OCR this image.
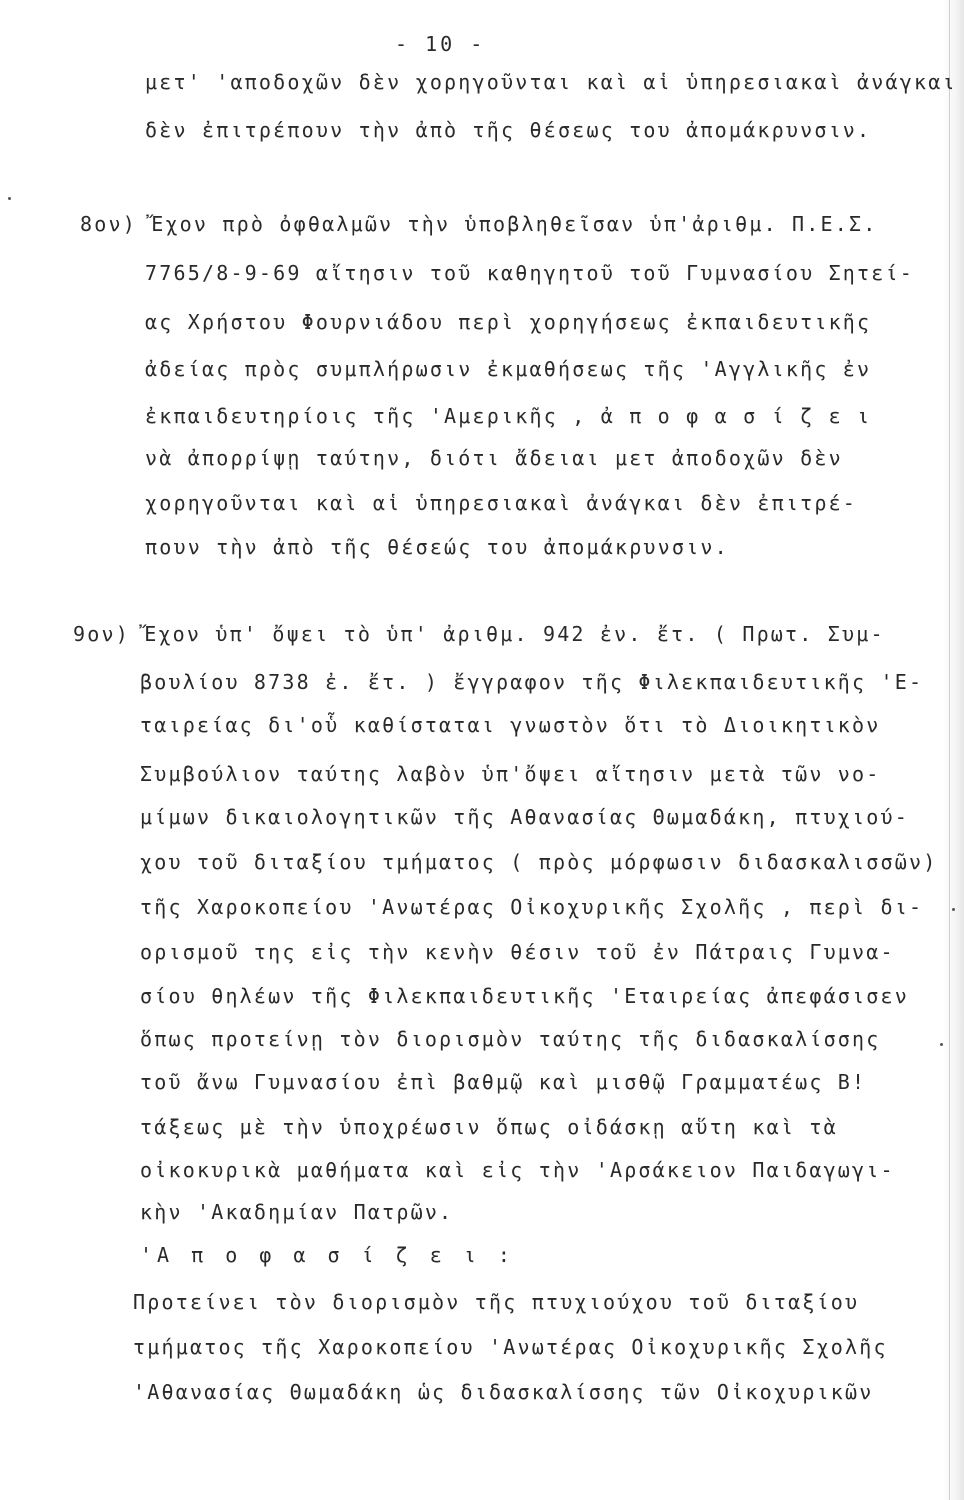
- 10 -
μετ' 'αποδοχῶν δὲν χορηγοῦνται καὶ αἱ ὑπηρεσιακαὶ ἀνάγκαι
δὲν ἐπιτρέπουν τὴν ἀπὸ τῆς θέσεως του ἀπομάκρυνσιν.
8ον) Ἔχον πρὸ ὀφθαλμῶν τὴν ὑποβληθεῖσαν ὑπ'ἀριθμ. Π.Ε.Σ.
7765/8-9-69 αἴτησιν τοῦ καθηγητοῦ τοῦ Γυμνασίου Σητεί-
ας Χρήστου Φουρνιάδου περὶ χορηγήσεως ἐκπαιδευτικῆς
ἀδείας πρὸς συμπλήρωσιν ἐκμαθήσεως τῆς 'Αγγλικῆς ἐν
ἐκπαιδευτηρίοις τῆς 'Αμερικῆς , ἀ π ο φ α σ ί ζ ε ι
νὰ ἀπορρίψῃ ταύτην, διότι ἄδειαι μετ ἀποδοχῶν δὲν
χορηγοῦνται καὶ αἱ ὑπηρεσιακαὶ ἀνάγκαι δὲν ἐπιτρέ-
πουν τὴν ἀπὸ τῆς θέσεώς του ἀπομάκρυνσιν.
9ον) Ἔχον ὑπ' ὄψει τὸ ὑπ' ἀριθμ. 942 ἐν. ἔτ. ( Πρωτ. Συμ-
βουλίου 8738 ἐ. ἔτ. ) ἔγγραφον τῆς Φιλεκπαιδευτικῆς 'Ε-
ταιρείας δι'οὗ καθίσταται γνωστὸν ὅτι τὸ Διοικητικὸν
Συμβούλιον ταύτης λαβὸν ὑπ'ὄψει αἴτησιν μετὰ τῶν νο-
μίμων δικαιολογητικῶν τῆς Αθανασίας Θωμαδάκη, πτυχιού-
χου τοῦ διταξίου τμήματος ( πρὸς μόρφωσιν διδασκαλισσῶν)
τῆς Χαροκοπείου 'Ανωτέρας Οἰκοχυρικῆς Σχολῆς , περὶ δι-
ορισμοῦ της εἰς τὴν κενὴν θέσιν τοῦ ἐν Πάτραις Γυμνα-
σίου θηλέων τῆς Φιλεκπαιδευτικῆς 'Εταιρείας ἀπεφάσισεν
ὅπως προτείνῃ τὸν διορισμὸν ταύτης τῆς διδασκαλίσσης
τοῦ ἄνω Γυμνασίου ἐπὶ βαθμῷ καὶ μισθῷ Γραμματέως Β!
τάξεως μὲ τὴν ὑποχρέωσιν ὅπως οἰδάσκῃ αὕτη καὶ τὰ
οἰκοκυρικὰ μαθήματα καὶ εἰς τὴν 'Αρσάκειον Παιδαγωγι-
κὴν 'Ακαδημίαν Πατρῶν.
'Α π ο φ α σ ί ζ ε ι :
Προτείνει τὸν διορισμὸν τῆς πτυχιούχου τοῦ διταξίου
τμήματος τῆς Χαροκοπείου 'Ανωτέρας Οἰκοχυρικῆς Σχολῆς
'Αθανασίας Θωμαδάκη ὡς διδασκαλίσσης τῶν Οἰκοχυρικῶν
